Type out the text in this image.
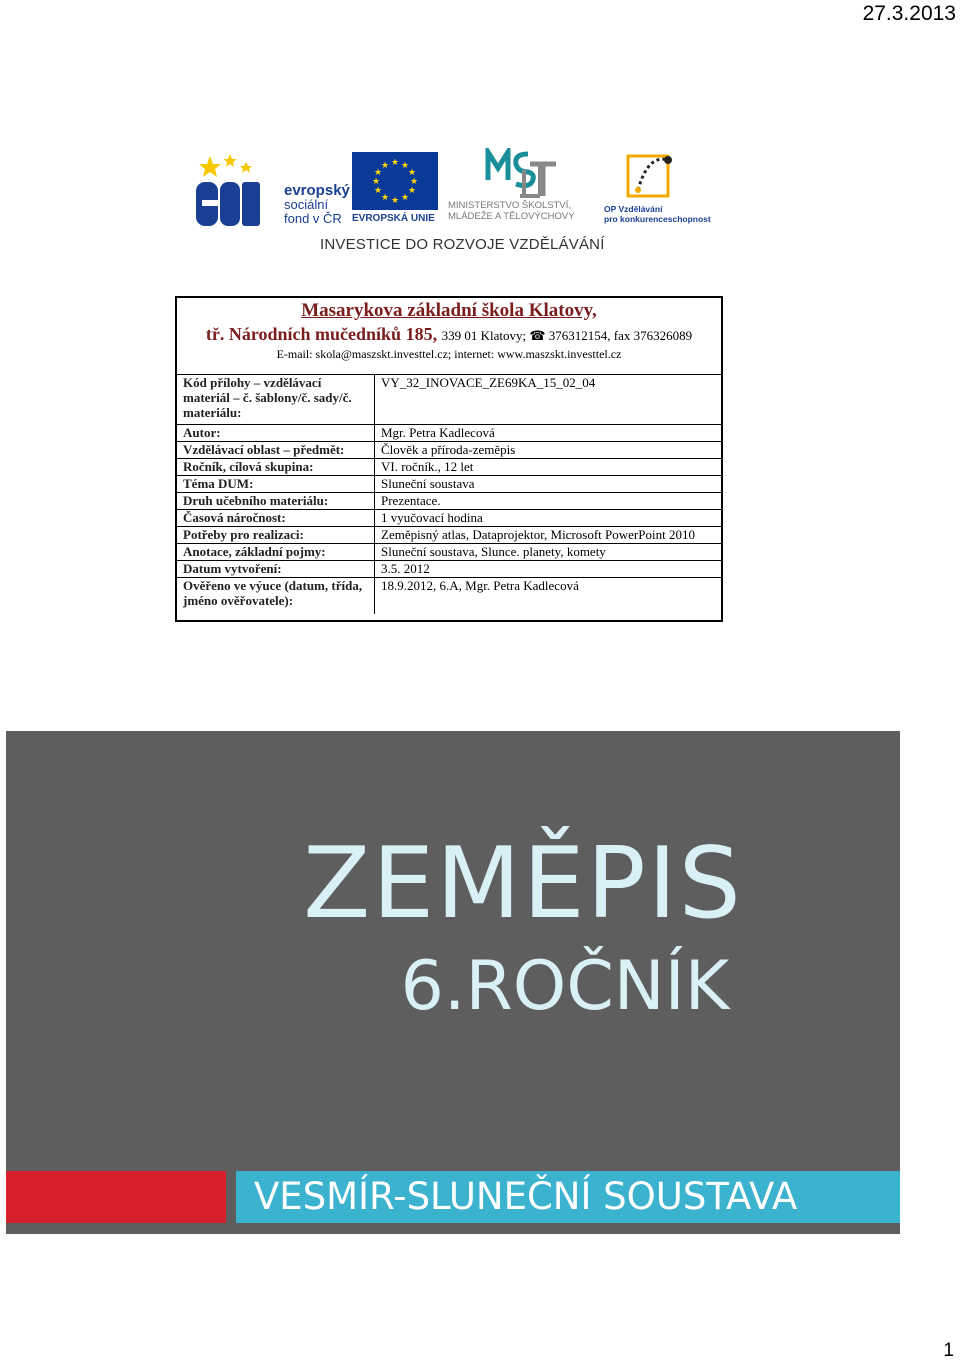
27.3.2013
evropský
sociální
fond v ČR
★ ★
★
★
★
★
★
★
★
★
★
★
EVROPSKÁ UNIE
MINISTERSTVO ŠKOLSTVÍ,
MLÁDEŽE A TĚLOVÝCHOVY
OP Vzdělávání
pro konkurenceschopnost
INVESTICE DO ROZVOJE VZDĚLÁVÁNÍ
Masarykova základní škola Klatovy,
tř. Národních mučedníků 185, 339 01 Klatovy; ☎ 376312154, fax 376326089
E-mail: skola@maszskt.investtel.cz; internet: www.maszskt.investtel.cz
Kód přílohy – vzdělávací materiál – č. šablony/č. sady/č. materiálu:	VY_32_INOVACE_ZE69KA_15_02_04
Autor:	Mgr. Petra Kadlecová
Vzdělávací oblast – předmět:	Člověk a příroda-zeměpis
Ročník, cílová skupina:	VI. ročník., 12 let
Téma DUM:	Sluneční soustava
Druh učebního materiálu:	Prezentace.
Časová náročnost:	1 vyučovací hodina
Potřeby pro realizaci:	Zeměpisný atlas, Dataprojektor, Microsoft PowerPoint 2010
Anotace, základní pojmy:	Sluneční soustava, Slunce. planety, komety
Datum vytvoření:	3.5. 2012
Ověřeno ve výuce (datum, třída, jméno ověřovatele):	18.9.2012, 6.A, Mgr. Petra Kadlecová
ZEMĚPIS
6.ROČNÍK
VESMÍR-SLUNEČNÍ SOUSTAVA
1
